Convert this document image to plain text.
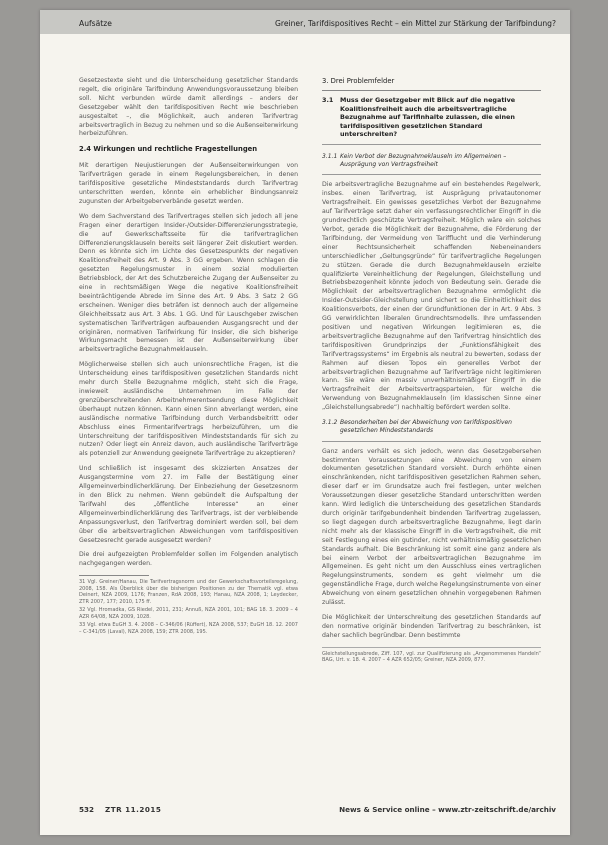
Aufsätze	Greiner, Tarifdispositives Recht – ein Mittel zur Stärkung der Tarifbindung?

Gesetzestexte sieht und die Unterscheidung gesetzlicher Standards regelt, die originäre Tarifbindung Anwendungsvoraussetzung bleiben soll. Nicht verbunden würde damit allerdings – anders der Gesetzgeber wählt den tarifdispositiven Recht wie beschrieben ausgestaltet –, die Möglichkeit, auch anderen Tarifvertrag arbeitsvertraglich in Bezug zu nehmen und so die Außenseiterwirkung herbeizuführen.

2.4 Wirkungen und rechtliche Fragestellungen

Mit derartigen Neujustierungen der Außenseiterwirkungen von Tarifverträgen gerade in einem Regelungsbereichen, in denen tarifdispositive gesetzliche Mindeststandards durch Tarifvertrag unterschritten werden, könnte ein erheblicher Bindungsanreiz zugunsten der Arbeitgeberverbände gesetzt werden.

Wo dem Sachverstand des Tarifvertrages stellen sich jedoch all jene Fragen einer derartigen Insider-/Outsider-Differenzierungsstrategie, die auf Gewerkschaftsseite für die tarifvertraglichen Differenzierungsklauseln bereits seit längerer Zeit diskutiert werden. Denn es könnte sich im Lichte des Gesetzespunkts der negativen Koalitionsfreiheit des Art. 9 Abs. 3 GG ergeben. Wenn schlagen die gesetzten Regelungsmuster in einem sozial modulierten Betriebsblock, der Art des Schutzbereiche Zugang der Außenseiter zu eine in rechtsmäßigen Wege die negative Koalitionsfreiheit beeinträchtigende Abrede im Sinne des Art. 9 Abs. 3 Satz 2 GG erscheinen. Weniger dies beträfen ist dennoch auch der allgemeine Gleichheitssatz aus Art. 3 Abs. 1 GG. Und für Lauschgeber zwischen systematischen Tarifverträgen aufbauenden Ausgangsrecht und der originären, normativen Tarifwirkung für Insider, die sich bisherige Wirkungsmacht bemessen ist der Außenseiterwirkung über arbeitsvertragliche Bezugnahmeklauseln.

Möglicherweise stellen sich auch unionsrechtliche Fragen, ist die Unterscheidung eines tarifdispositiven gesetzlichen Standards nicht mehr durch Stelle Bezugnahme möglich, steht sich die Frage, inwieweit ausländische Unternehmen im Falle der grenzüberschreitenden Arbeitnehmerentsendung diese Möglichkeit überhaupt nutzen können. Kann einen Sinn abverlangt werden, eine ausländische normative Tarifbindung durch Verbandsbeitritt oder Abschluss eines Firmentarifvertrags herbeizuführen, um die Unterschreitung der tarifdispositiven Mindeststandards für sich zu nutzen? Oder liegt ein Anreiz davon, auch ausländische Tarifverträge als potenziell zur Anwendung geeignete Tarifverträge zu akzeptieren?

Und schließlich ist insgesamt des skizzierten Ansatzes der Ausgangstermine vom 27. im Falle der Bestätigung einer Allgemeinverbindlicherklärung. Der Einbeziehung der Gesetzesnorm in den Blick zu nehmen. Wenn gebündelt die Aufspaltung der Tarifwahl des „öffentliche Interesse“ an einer Allgemeinverbindlicherklärung des Tarifvertrags, ist der verbleibende Anpassungsverlust, den Tarifvertrag dominiert werden soll, bei dem über die arbeitsvertraglichen Abweichungen vom tarifdispositiven Gesetzesrecht gerade ausgesetzt werden?

Die drei aufgezeigten Problemfelder sollen im Folgenden analytisch nachgegangen werden.

31 Vgl. Greiner/Hanau, Die Tarifvertragsnorm und der Gewerkschaftsvorteilsregelung, 2008, 158. Als Überblick über die bisherigen Positionen zu der Thematik vgl. etwa Deinert, NZA 2009, 1176; Franzen, RdA 2008, 193; Hanau, NZA 2008, 1; Leydecker, ZTR 2007, 177; 2010, 175 ff.
32 Vgl. Hromadka, GS Riedel, 2011, 231; Annuß, NZA 2001, 101; BAG 18. 3. 2009 – 4 AZR 64/08, NZA 2009, 1028.
33 Vgl. etwa EuGH 3. 4. 2008 – C-346/06 (Rüffert), NZA 2008, 537; EuGH 18. 12. 2007 – C-341/05 (Laval), NZA 2008, 159; ZTR 2008, 195.
3. Drei Problemfelder
3.1 Muss der Gesetzgeber mit Blick auf die negative Koalitionsfreiheit auch die arbeitsvertragliche Bezugnahme auf Tarifinhalte zulassen, die einen tarifdispositiven gesetzlichen Standard unterschreiten?
3.1.1 Kein Verbot der Bezugnahmeklauseln im Allgemeinen – Ausprägung von Vertragsfreiheit

Die arbeitsvertragliche Bezugnahme auf ein bestehendes Regelwerk, insbes. einen Tarifvertrag, ist Ausprägung privatautonomer Vertragsfreiheit. Ein gewisses gesetzliches Verbot der Bezugnahme auf Tarifverträge setzt daher ein verfassungsrechtlicher Eingriff in die grundrechtlich geschützte Vertragsfreiheit. Möglich wäre ein solches Verbot, gerade die Möglichkeit der Bezugnahme, die Förderung der Tarifbindung, der Vermeidung von Tarifflucht und die Verhinderung einer Rechtsunsicherheit schaffenden Nebeneinanders unterschiedlicher „Geltungsgründe“ für tarifvertragliche Regelungen zu stützen. Gerade die durch Bezugnahmeklauseln erzielte qualifizierte Vereinheitlichung der Regelungen, Gleichstellung und Betriebsbezogenheit könnte jedoch von Bedeutung sein. Gerade die Möglichkeit der arbeitsvertraglichen Bezugnahme ermöglicht die Insider-Outsider-Gleichstellung und sichert so die Einheitlichkeit des Koalitionsverbots, der einen der Grundfunktionen der in Art. 9 Abs. 3 GG verwirklichten liberalen Grundrechtsmodells. Ihre umfassenden positiven und negativen Wirkungen legitimieren es, die arbeitsvertragliche Bezugnahme auf den Tarifvertrag hinsichtlich des tarifdispositiven Grundprinzips der „Funktionsfähigkeit des Tarifvertragssystems“ im Ergebnis als neutral zu bewerten, sodass der Rahmen auf diesen Topos ein generelles Verbot der arbeitsvertraglichen Bezugnahme auf Tarifverträge nicht legitimieren kann. Sie wäre ein massiv unverhältnismäßiger Eingriff in die Vertragsfreiheit der Arbeitsvertragsparteien, für welche die Verwendung von Bezugnahmeklauseln (im klassischen Sinne einer „Gleichstellungsabrede“) nachhaltig befördert werden sollte.

3.1.2 Besonderheiten bei der Abweichung von tarifdispositiven gesetzlichen Mindeststandards

Ganz anders verhält es sich jedoch, wenn das Gesetzgebersehen bestimmten Voraussetzungen eine Abweichung von einem dokumenten gesetzlichen Standard vorsieht. Durch erhöhte einen einschränkenden, nicht tarifdispositiven gesetzlichen Rahmen sehen, dieser darf er im Grundsatze auch frei festlegen, unter welchen Voraussetzungen dieser gesetzliche Standard unterschritten werden kann. Wird lediglich die Unterscheidung des gesetzlichen Standards durch originär tarifgebundenheit bindenden Tarifvertrag zugelassen, so liegt dagegen durch arbeitsvertragliche Bezugnahme, liegt darin nicht mehr als der klassische Eingriff in die Vertragsfreiheit, die mit seit Festlegung eines ein gutinder, nicht verhältnismäßig gesetzlichen Standards aufhalt. Die Beschränkung ist somit eine ganz andere als bei einem Verbot der arbeitsvertraglichen Bezugnahme im Allgemeinen. Es geht nicht um den Ausschluss eines vertraglichen Regelungsinstruments, sondern es geht vielmehr um die gegenständliche Frage, durch welche Regelungsinstrumente von einer Abweichung von einem gesetzlichen ohnehin vorgegebenen Rahmen zulässt.

Die Möglichkeit der Unterschreitung des gesetzlichen Standards auf den normative originär bindenden Tarifvertrag zu beschränken, ist daher sachlich begründbar. Denn bestimmte

Gleichstellungsabrede, Ziff. 107, vgl. zur Qualifizierung als „Angenommenes Handeln“ BAG, Urt. v. 18. 4. 2007 – 4 AZR 652/05; Greiner, NZA 2009, 877.
532 ZTR 11.2015	News & Service online – www.ztr-zeitschrift.de/archiv
